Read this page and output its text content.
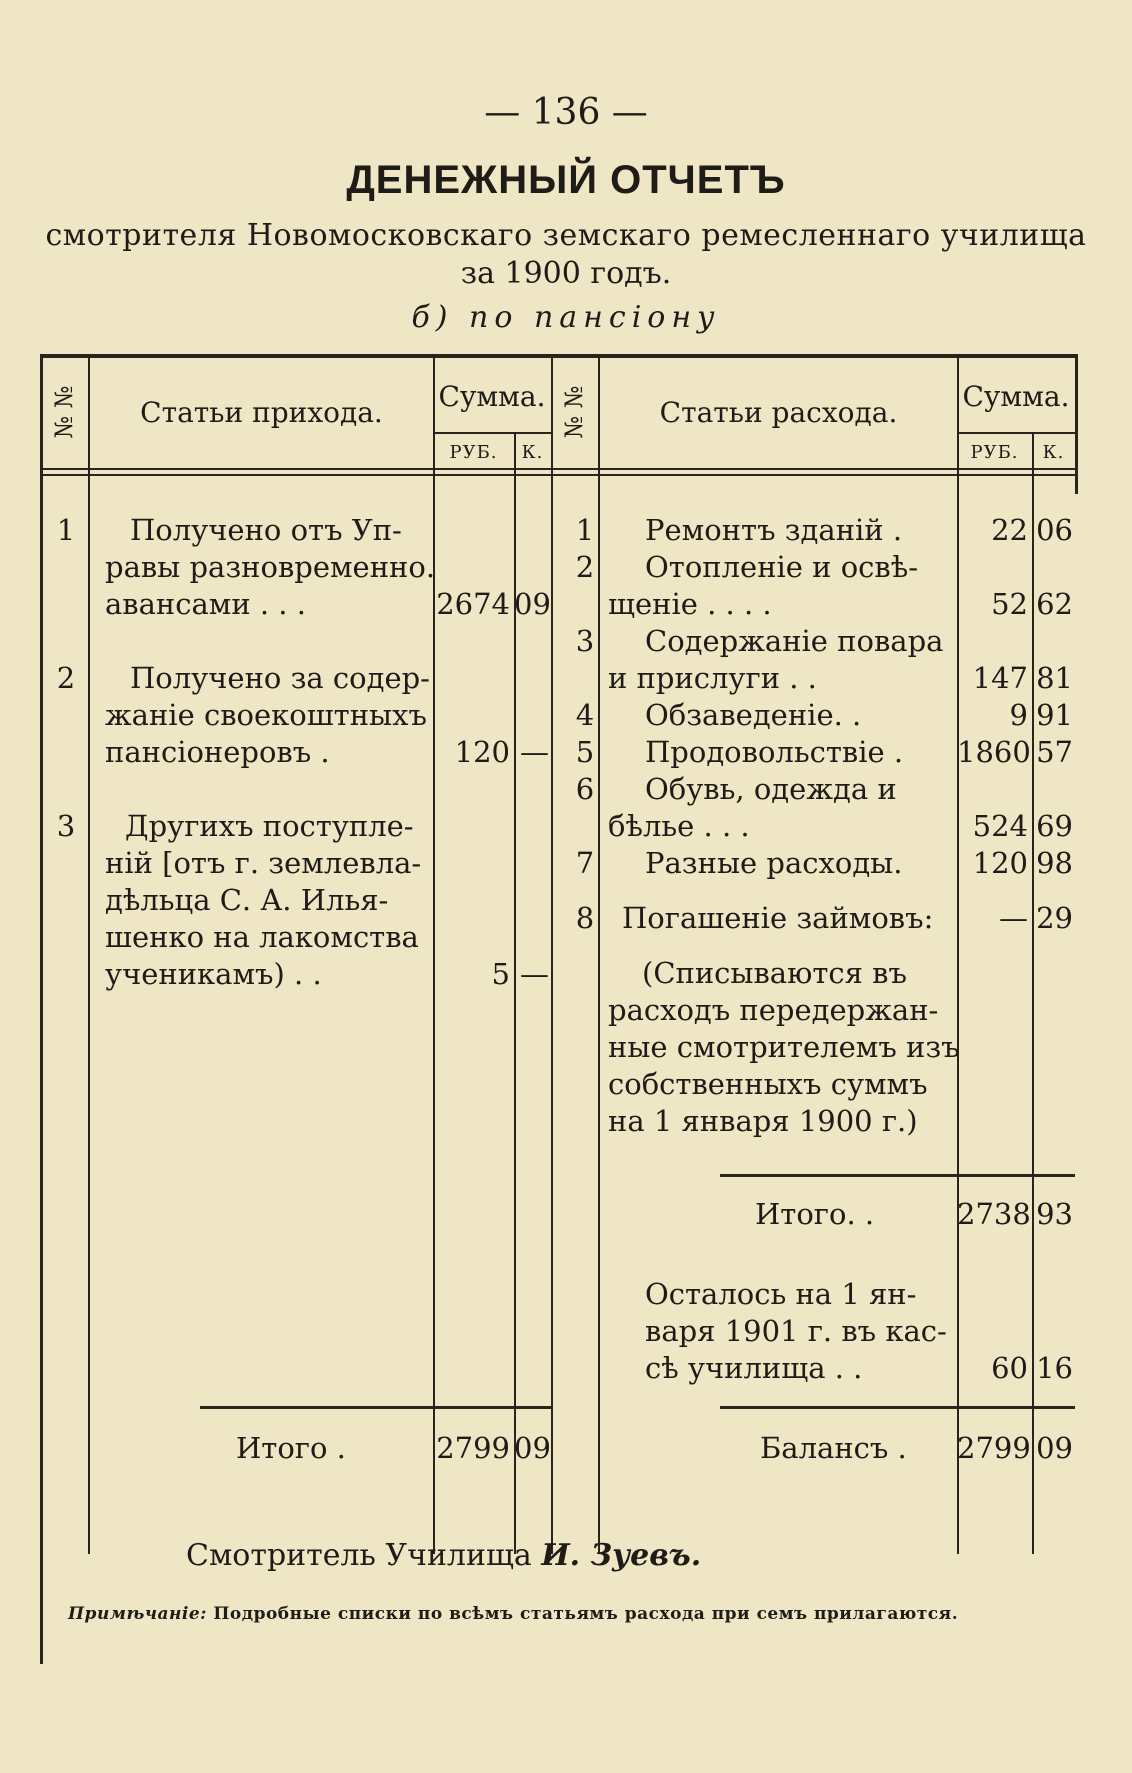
— 136 —
ДЕНЕЖНЫЙ ОТЧЕТЪ
смотрителя Новомосковскаго земскаго ремесленнаго училища
за 1900 годъ.
б) по пансіону
№ №	Статьи прихода.	Сумма.
РУБ.	К.
№ №	Статьи расхода.	Сумма.
РУБ.	К.
1	Получено отъ Уп-
равы разновременно.
авансами . . .	2674 09
2	Получено за содер-
жаніе своекоштныхъ
пансіонеровъ .	120 —
3	Другихъ поступле-
ній [отъ г. землевла-
дѣльца С. А. Илья-
шенко на лакомства
ученикамъ) . .	5 —
1	Ремонтъ зданій .	22 06
2	Отопленіе и освѣ-
щеніе . . . .	52 62
3	Содержаніе повара
и прислуги . .	147 81
4	Обзаведеніе. .	9 91
5	Продовольствіе . 1860 57
6	Обувь, одежда и
бѣлье . . .	524 69
7	Разные расходы.	120 98
8 Погашеніе займовъ:	— 29
(Списываются въ
расходъ передержан-
ные смотрителемъ изъ
собственныхъ суммъ
на 1 января 1900 г.)
Итого. .	2738 93
Осталось на 1 ян-
варя 1901 г. въ кас-
сѣ училища . .	60 16
Итого .	2799 09	Балансъ . 2799 09
Смотритель Училища И. Зуевъ.
Примѣчаніе: Подробные списки по всѣмъ статьямъ расхода при семъ прилагаются.
